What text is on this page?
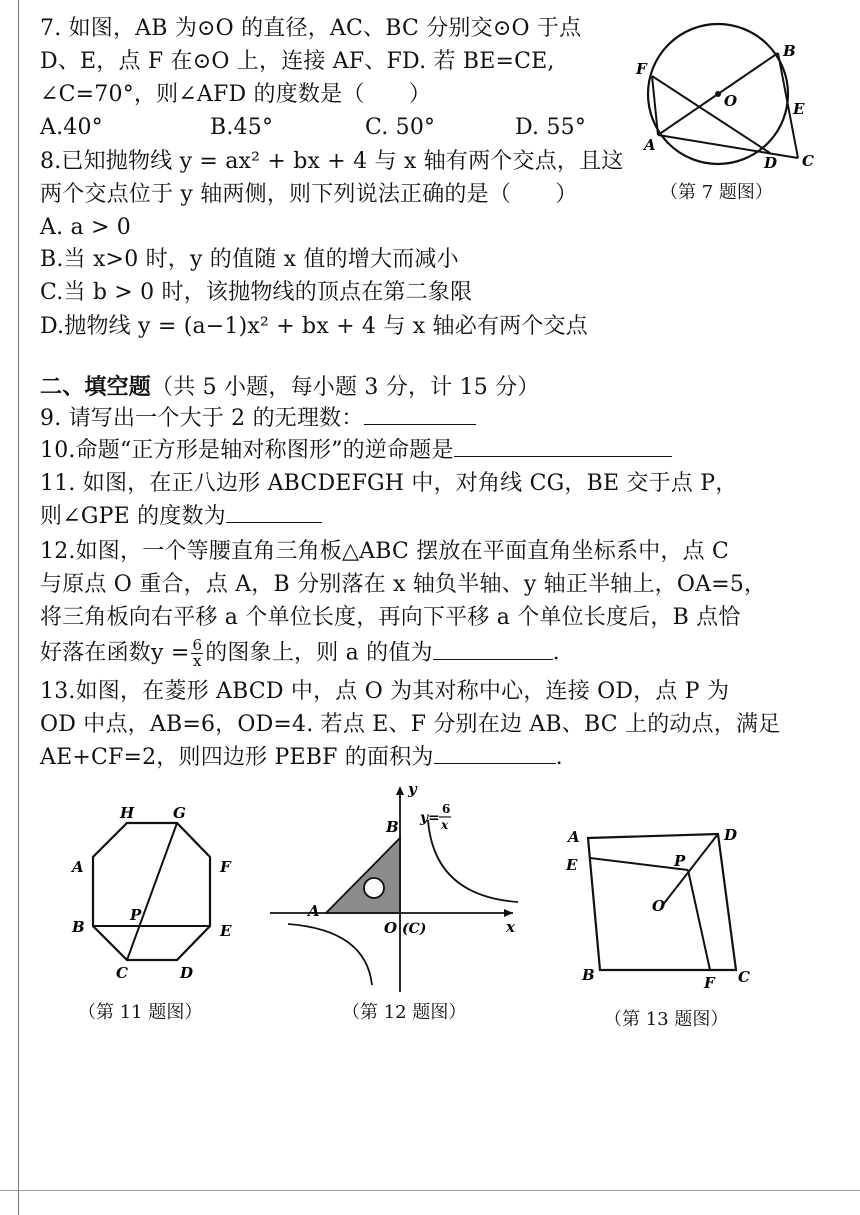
7. 如图，AB 为⊙O 的直径，AC、BC 分别交⊙O 于点
D、E，点 F 在⊙O 上，连接 AF、FD. 若 BE=CE,
∠C=70°，则∠AFD 的度数是（　　）
A.40°	B.45°	C. 50°	D. 55°
F
B
O	E
A
D C
（第 7 题图）
8.已知抛物线 y = ax² + bx + 4 与 x 轴有两个交点，且这
两个交点位于 y 轴两侧，则下列说法正确的是（　　）
A. a > 0
B.当 x>0 时，y 的值随 x 值的增大而减小
C.当 b > 0 时，该抛物线的顶点在第二象限
D.抛物线 y = (a−1)x² + bx + 4 与 x 轴必有两个交点
二、填空题（共 5 小题，每小题 3 分，计 15 分）
9. 请写出一个大于 2 的无理数：
10.命题“正方形是轴对称图形”的逆命题是
11. 如图，在正八边形 ABCDEFGH 中，对角线 CG，BE 交于点 P，
则∠GPE 的度数为
12.如图，一个等腰直角三角板△ABC 摆放在平面直角坐标系中，点 C
与原点 O 重合，点 A，B 分别落在 x 轴负半轴、y 轴正半轴上，OA=5，
将三角板向右平移 a 个单位长度，再向下平移 a 个单位长度后，B 点恰
好落在函数$y = \frac{6}{x}$ 的图象上，则 a 的值为	．
13.如图，在菱形 ABCD 中，点 O 为其对称中心，连接 OD，点 P 为
OD 中点，AB=6，OD=4. 若点 E、F 分别在边 AB、BC 上的动点，满足
AE+CF=2，则四边形 PEBF 的面积为	.
H	G
A	F
P
B	E
C	D
（第 11 题图）
y
x
B
A
O (C)
y=
6
x
（第 12 题图）
A	D
E	P
O
B	F C
（第 13 题图）
